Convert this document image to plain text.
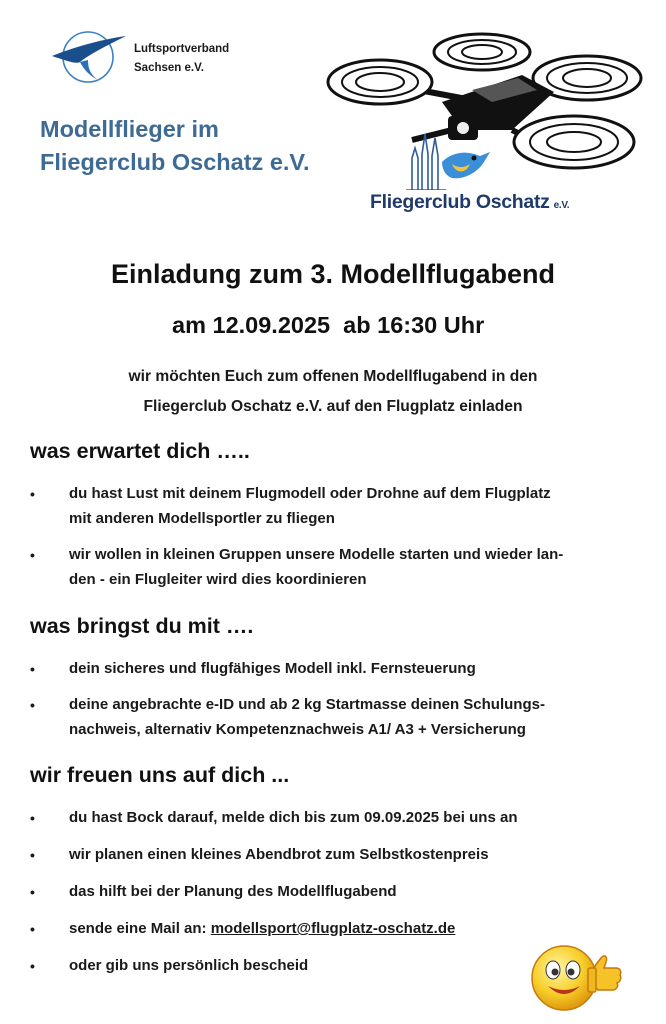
Luftsportverband
Sachsen e.V.
Modellflieger im
Fliegerclub Oschatz e.V.
Fliegerclub Oschatz e.V.
Einladung zum 3. Modellflugabend
am 12.09.2025  ab 16:30 Uhr
wir möchten Euch zum offenen Modellflugabend in den
Fliegerclub Oschatz e.V. auf den Flugplatz einladen
was erwartet dich …..
• du hast Lust mit deinem Flugmodell oder Drohne auf dem Flugplatz
mit anderen Modellsportler zu fliegen
• wir wollen in kleinen Gruppen unsere Modelle starten und wieder lan-
den - ein Flugleiter wird dies koordinieren
was bringst du mit ….
• dein sicheres und flugfähiges Modell inkl. Fernsteuerung
• deine angebrachte e-ID und ab 2 kg Startmasse deinen Schulungs-
nachweis, alternativ Kompetenznachweis A1/ A3 + Versicherung
wir freuen uns auf dich ...
• du hast Bock darauf, melde dich bis zum 09.09.2025 bei uns an
• wir planen einen kleines Abendbrot zum Selbstkostenpreis
• das hilft bei der Planung des Modellflugabend
• sende eine Mail an: modellsport@flugplatz-oschatz.de
• oder gib uns persönlich bescheid
